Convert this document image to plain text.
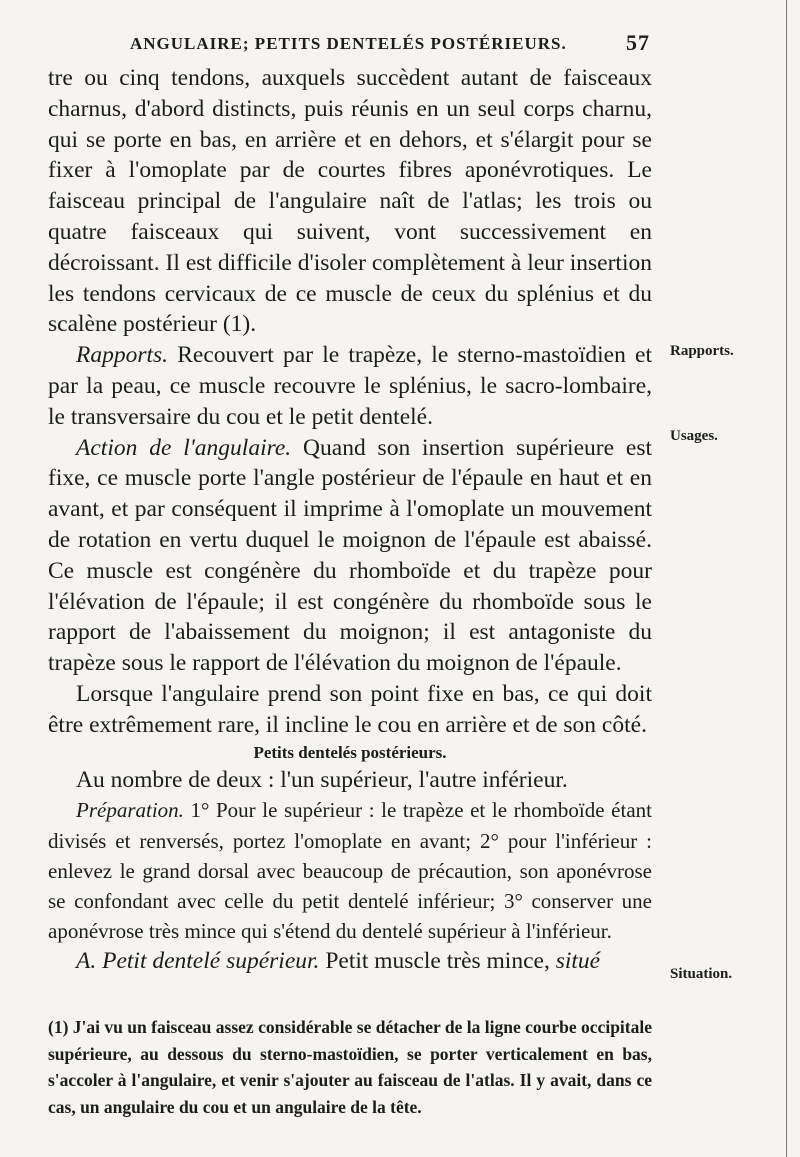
ANGULAIRE; PETITS DENTELÉS POSTÉRIEURS.	57

tre ou cinq tendons, auxquels succèdent autant de faisceaux charnus, d'abord distincts, puis réunis en un seul corps charnu, qui se porte en bas, en arrière et en dehors, et s'élargit pour se fixer à l'omoplate par de courtes fibres aponévrotiques. Le faisceau principal de l'angulaire naît de l'atlas; les trois ou quatre faisceaux qui suivent, vont successivement en décroissant. Il est difficile d'isoler complètement à leur insertion les tendons cervicaux de ce muscle de ceux du splénius et du scalène postérieur (1).

Rapports. Recouvert par le trapèze, le sterno-mastoïdien et par la peau, ce muscle recouvre le splénius, le sacro-lombaire, le transversaire du cou et le petit dentelé.

Action de l'angulaire. Quand son insertion supérieure est fixe, ce muscle porte l'angle postérieur de l'épaule en haut et en avant, et par conséquent il imprime à l'omoplate un mouvement de rotation en vertu duquel le moignon de l'épaule est abaissé. Ce muscle est congénère du rhomboïde et du trapèze pour l'élévation de l'épaule; il est congénère du rhomboïde sous le rapport de l'abaissement du moignon; il est antagoniste du trapèze sous le rapport de l'élévation du moignon de l'épaule.

Lorsque l'angulaire prend son point fixe en bas, ce qui doit être extrêmement rare, il incline le cou en arrière et de son côté.

Petits dentelés postérieurs.

Au nombre de deux : l'un supérieur, l'autre inférieur.

Préparation. 1° Pour le supérieur : le trapèze et le rhomboïde étant divisés et renversés, portez l'omoplate en avant; 2° pour l'inférieur : enlevez le grand dorsal avec beaucoup de précaution, son aponévrose se confondant avec celle du petit dentelé inférieur; 3° conserver une aponévrose très mince qui s'étend du dentelé supérieur à l'inférieur.

A. Petit dentelé supérieur. Petit muscle très mince, situé

(1) J'ai vu un faisceau assez considérable se détacher de la ligne courbe occipitale supérieure, au dessous du sterno-mastoïdien, se porter verticalement en bas, s'accoler à l'angulaire, et venir s'ajouter au faisceau de l'atlas. Il y avait, dans ce cas, un angulaire du cou et un angulaire de la tête.
Rapports.
Usages.
Situation.
